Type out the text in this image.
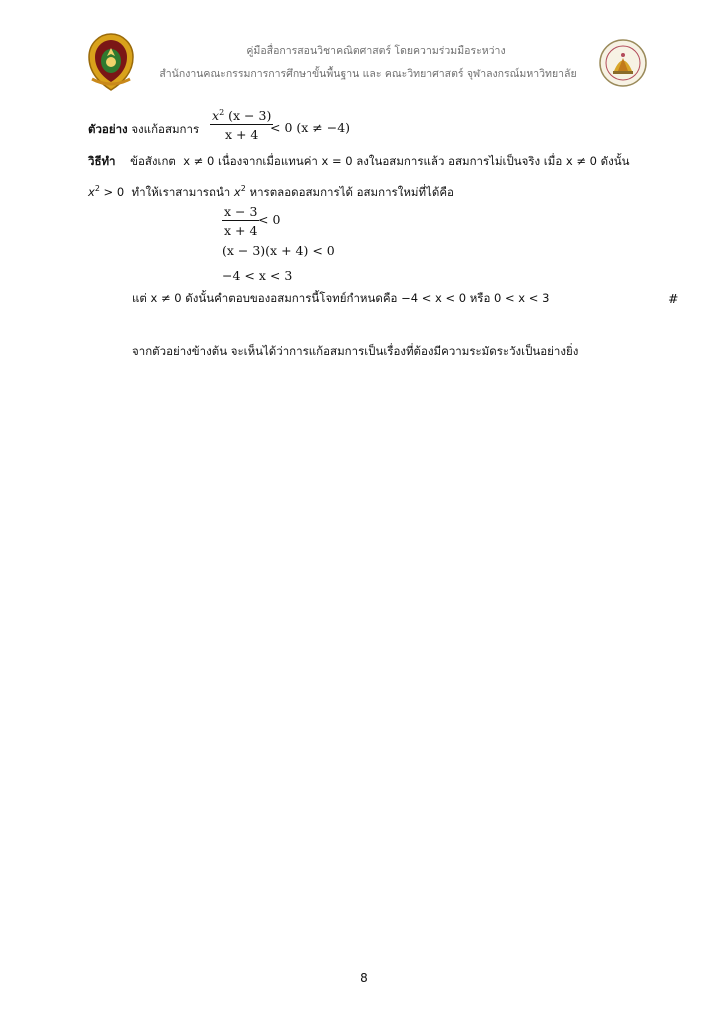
คู่มือสื่อการสอนวิชาคณิตศาสตร์ โดยความร่วมมือระหว่าง
สำนักงานคณะกรรมการการศึกษาขั้นพื้นฐาน และ คณะวิทยาศาสตร์ จุฬาลงกรณ์มหาวิทยาลัย
ตัวอย่าง จงแก้อสมการ $\frac{x^2 (x - 3)}{x + 4}$
< 0 (x ≠ −4)
วิธีทำ ข้อสังเกต x ≠ 0 เนื่องจากเมื่อแทนค่า x = 0 ลงในอสมการแล้ว อสมการไม่เป็นจริง เมื่อ x ≠ 0 ดังนั้น
$x^2 > 0$ ทำให้เราสามารถนำ $x^2$ หารตลอดอสมการได้ อสมการใหม่ที่ได้คือ
$\frac{x - 3}{x + 4}$
< 0
(x − 3)(x + 4) < 0
−4 < x < 3
แต่ x ≠ 0 ดังนั้นคำตอบของอสมการนี้โจทย์กำหนดคือ −4 < x < 0 หรือ 0 < x < 3	#
จากตัวอย่างข้างต้น จะเห็นได้ว่าการแก้อสมการเป็นเรื่องที่ต้องมีความระมัดระวังเป็นอย่างยิ่ง
8
